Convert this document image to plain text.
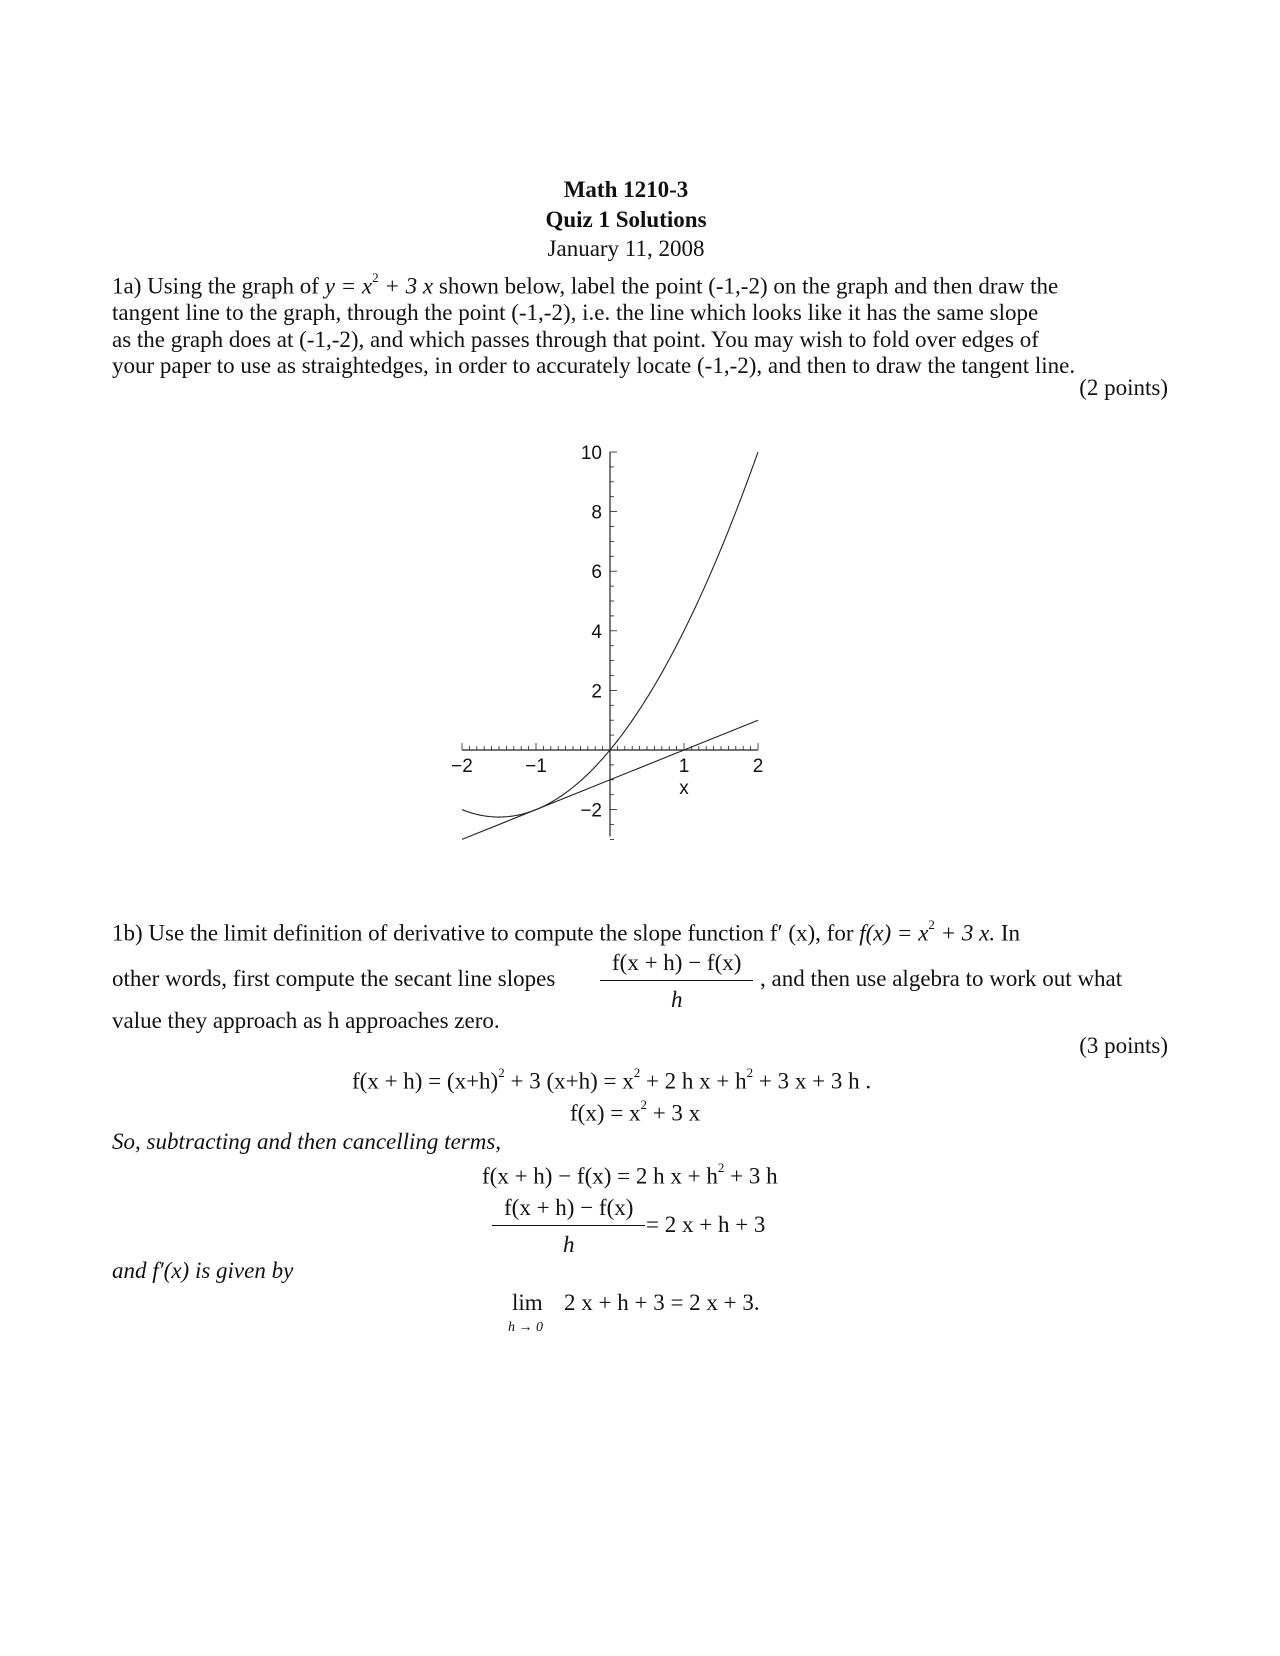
Math 1210-3
Quiz 1 Solutions
January 11, 2008
1a) Using the graph of $y = x^2 + 3$ x shown below, label the point (-1,-2) on the graph and then draw the
tangent line to the graph, through the point (-1,-2), i.e. the line which looks like it has the same slope
as the graph does at (-1,-2), and which passes through that point. You may wish to fold over edges of
your paper to use as straightedges, in order to accurately locate (-1,-2), and then to draw the tangent line.
(2 points)
−2	−1	1	2
−2
2
4
6
8
10
x
1b) Use the limit definition of derivative to compute the slope function f′ (x), for $f(x) = x^2 + 3$ x. In
other words, first compute the secant line slopes $\frac{f(x + h) - f(x)}{h}$ , and then use algebra to work out what
value they approach as h approaches zero.
(3 points)
$f(x + h) = (x+h)^2 + 3$ $(x+h) = x^2 + 2$ h $x + h^2 + 3$ x + 3 h .
$f(x) = x^2 + 3$ x
So, subtracting and then cancelling terms,
f(x + h) − f(x) = 2 h $x + h^2 + 3$ h
$\frac{f(x + h) - f(x)}{h} = 2$ x + h + 3
and f′(x) is given by
lim
h → 0
2 x + h + 3 = 2 x + 3.
